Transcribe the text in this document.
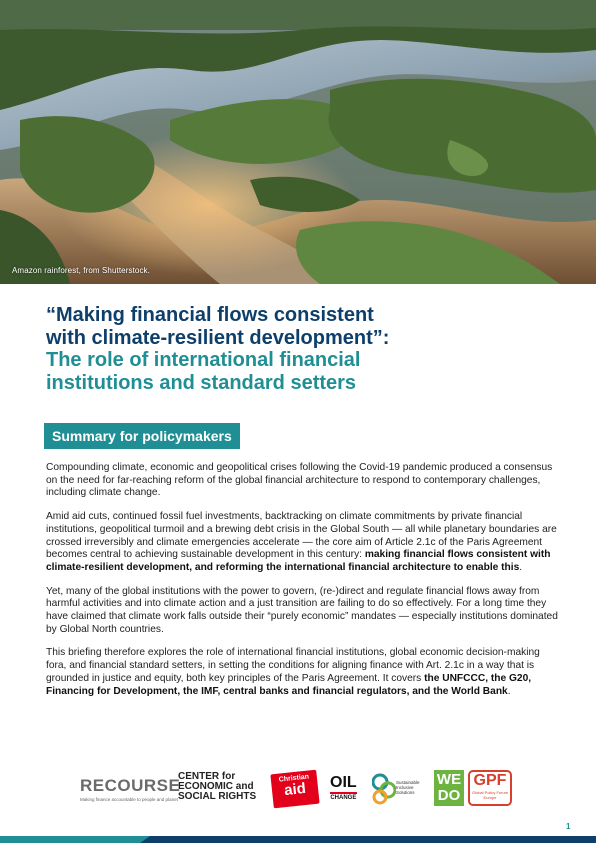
Amazon rainforest, from Shutterstock.
“Making financial flows consistent
with climate-resilient development”:
The role of international financial
institutions and standard setters
Summary for policymakers

Compounding climate, economic and geopolitical crises following the Covid-19 pandemic produced a consensus on the need for far-reaching reform of the global financial architecture to respond to contemporary challenges, including climate change.

Amid aid cuts, continued fossil fuel investments, backtracking on climate commitments by private financial institutions, geopolitical turmoil and a brewing debt crisis in the Global South — all while planetary boundaries are crossed irreversibly and climate emergencies accelerate — the core aim of Article 2.1c of the Paris Agreement becomes central to achieving sustainable development in this century: making financial flows consistent with climate-resilient development, and reforming the international financial architecture to enable this.

Yet, many of the global institutions with the power to govern, (re-)direct and regulate financial flows away from harmful activities and into climate action and a just transition are failing to do so effectively. For a long time they have claimed that climate work falls outside their “purely economic” mandates — especially institutions dominated by Global North countries.

This briefing therefore explores the role of international financial institutions, global economic decision-making fora, and financial standard setters, in setting the conditions for aligning finance with Art. 2.1c in a way that is grounded in justice and equity, both key principles of the Paris Agreement. It covers the UNFCCC, the G20, Financing for Development, the IMF, central banks and financial regulators, and the World Bank.

RECOURSE
Making finance accountable to people and planet
CENTER for
ECONOMIC and
SOCIAL RIGHTS
Christian
aid	OIL
CHANGE
Sustainable Inclusive Solutions
WE
DO
GPF
Global Policy Forum Europe
1
